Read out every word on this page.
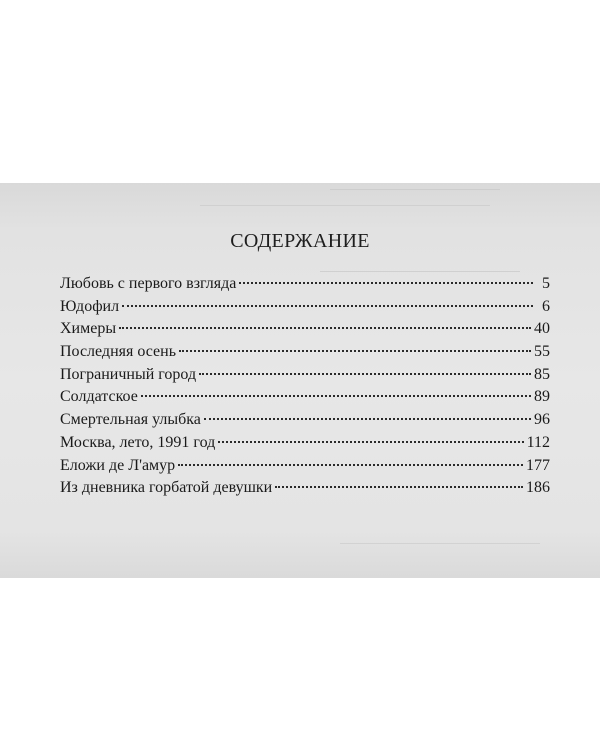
СОДЕРЖАНИЕ
Любовь с первого взгляда	5
Юдофил	6
Химеры	40
Последняя осень	55
Пограничный город	85
Солдатское	89
Смертельная улыбка	96
Москва, лето, 1991 год	112
Еложи де Л'амур	177
Из дневника горбатой девушки	186
